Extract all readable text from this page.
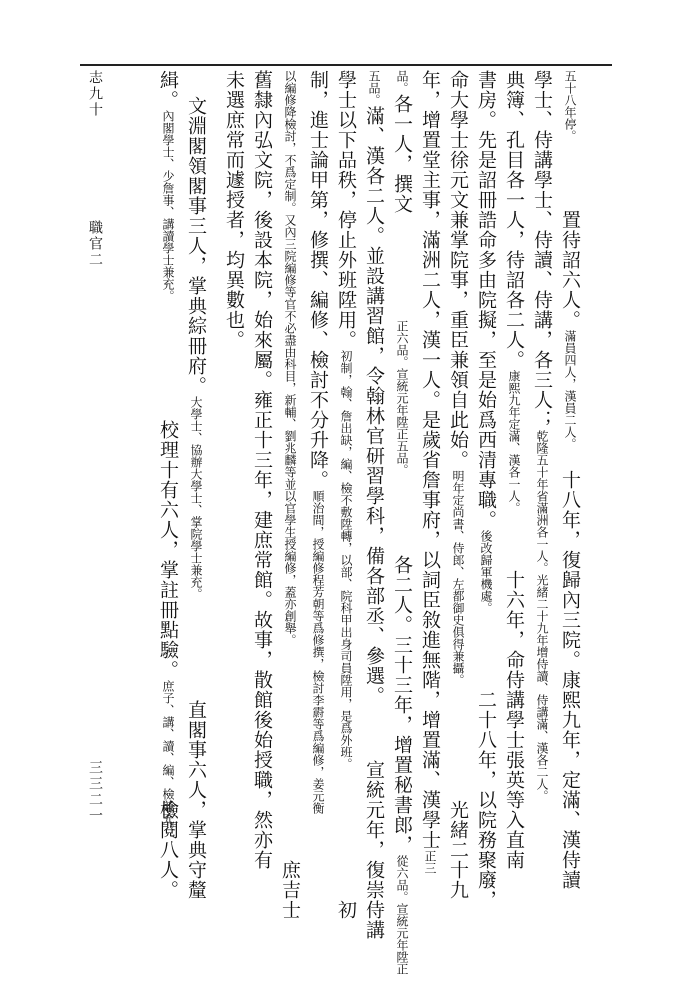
五十八年停。
置待詔六人。滿員四人，漢員二人。
十八年，復歸內三院。康熙九年，定滿、漢侍讀
學士、侍講學士、侍讀、侍講，各三人；乾隆五十年省滿洲各一人。光緒二十九年增侍讀、侍講滿、漢各二人。
典簿、孔目各一人，待詔各二人。康熙九年定滿、漢各一人。
十六年，命侍講學士張英等入直南
書房。先是詔冊誥命多由院擬，至是始爲西清專職。後改歸軍機處。
二十八年，以院務聚廢，
命大學士徐元文兼掌院事，重臣兼領自此始。明年定尚書、侍郎、左都御史俱得兼攝。
光緒二十九
年，增置堂主事，滿洲二人，漢一人。是歲省詹事府，以詞臣敘進無階，增置滿、漢學士正三
品。各一人，撰文
正六品。宣統元年陞正五品。
各二人。三十三年，增置秘書郎，從六品。宣統元年陞正
五品。滿、漢各二人。並設講習館，令翰林官研習學科，備各部丞、參選。
宣統元年，復崇侍講
學士以下品秩，停止外班陞用。初制，翰、詹出缺，編、檢不敷陞轉，以部、院科甲出身司員陞用，是爲外班。
初
制，進士論甲第，修撰、編修、檢討不分升降。順治間，授編修程芳朝等爲修撰，檢討李霨等爲編修，姜元衡
以編修降檢討，不爲定制。又內三院編修等官不必盡由科目，新輔、劉兆麟等並以官學生授編修，蓋亦創舉。
庶吉士
舊隸內弘文院，後設本院，始來屬。雍正十三年，建庶常館。故事，散館後始授職，然亦有
未選庶常而遽授者，均異數也。
文淵閣領閣事三人，掌典綜冊府。大學士、協辦大學士、掌院學士兼充。
直閣事六人，掌典守釐
緝。內閣學士、少詹事、講讀學士兼充。
校理十有六人，掌註冊點驗。庶子、講、讀、編、檢兼充。
檢閱八人。
志九十
職官二
三三二一
